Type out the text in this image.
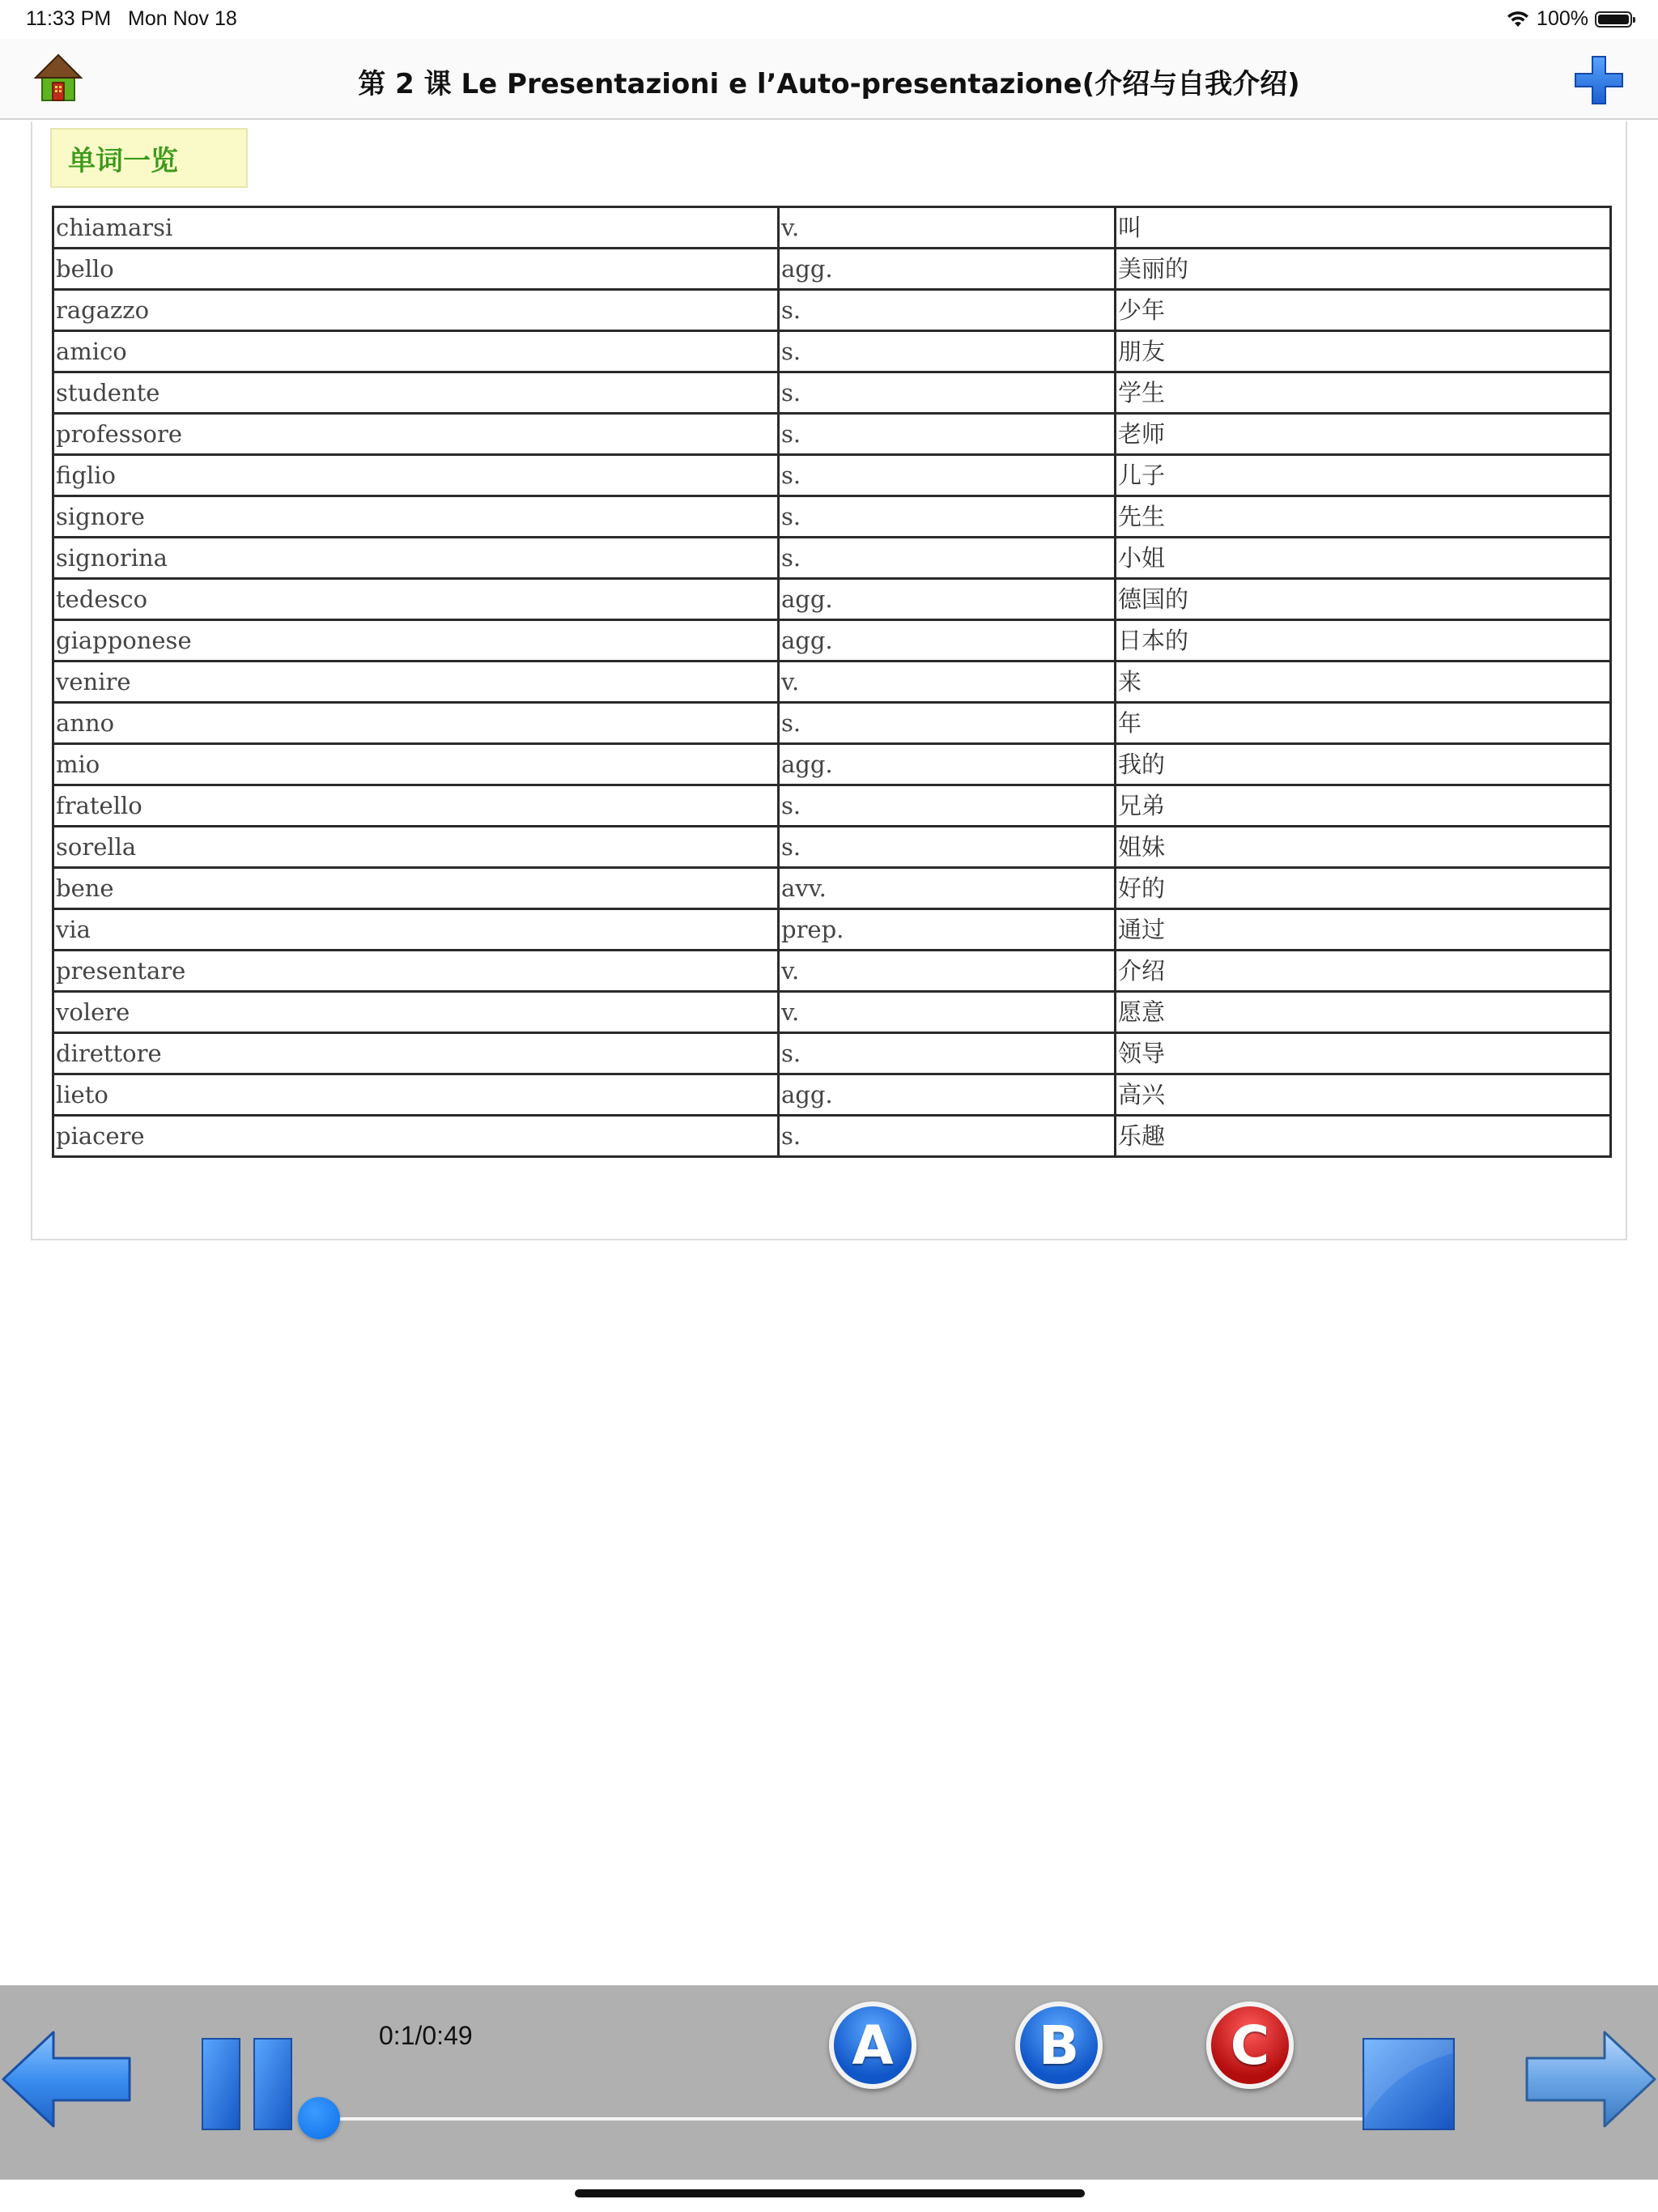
11:33 PM Mon Nov 18	100%
第 2 课 Le Presentazioni e l’Auto-presentazione(介绍与自我介绍)
单词一览
chiamarsi	v.	叫
bello	agg.	美丽的
ragazzo	s.	少年
amico	s.	朋友
studente	s.	学生
professore	s.	老师
figlio	s.	儿子
signore	s.	先生
signorina	s.	小姐
tedesco	agg.	德国的
giapponese	agg.	日本的
venire	v.	来
anno	s.	年
mio	agg.	我的
fratello	s.	兄弟
sorella	s.	姐妹
bene	avv.	好的
via	prep.	通过
presentare	v.	介绍
volere	v.	愿意
direttore	s.	领导
lieto	agg.	高兴
piacere	s.	乐趣
0:1/0:49	A	B	C
